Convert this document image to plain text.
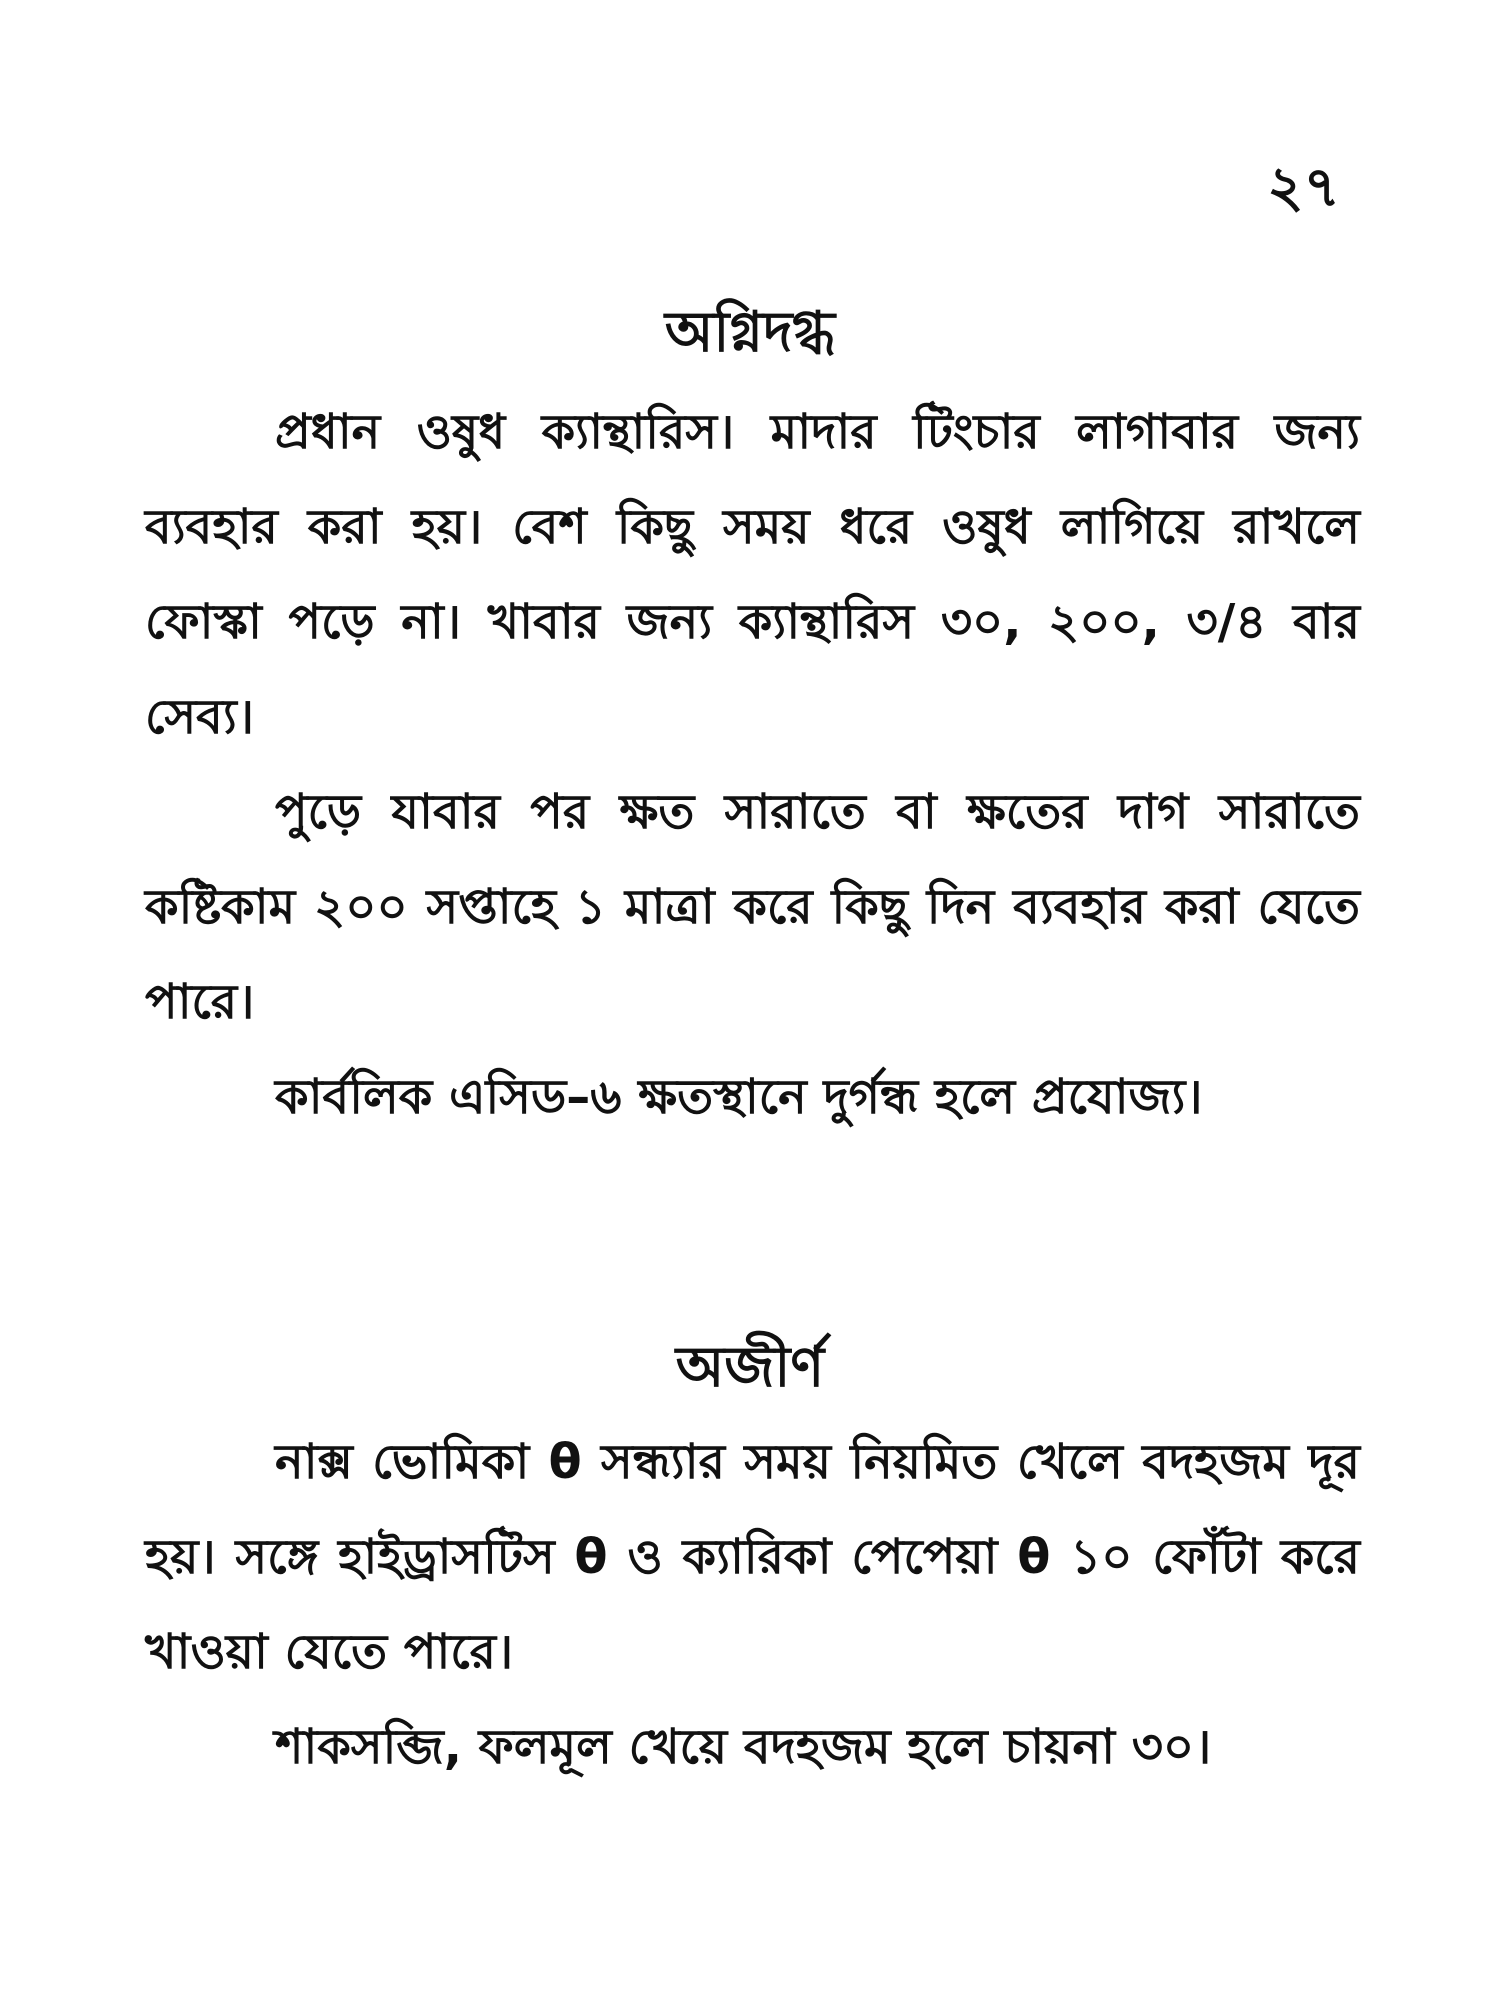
২৭
অগ্নিদগ্ধ

প্রধান ওষুধ ক্যান্থারিস। মাদার টিংচার লাগাবার জন্য ব্যবহার করা হয়। বেশ কিছু সময় ধরে ওষুধ লাগিয়ে রাখলে ফোস্কা পড়ে না। খাবার জন্য ক্যান্থারিস ৩০, ২০০, ৩/৪ বার সেব্য।

পুড়ে যাবার পর ক্ষত সারাতে বা ক্ষতের দাগ সারাতে কষ্টিকাম ২০০ সপ্তাহে ১ মাত্রা করে কিছু দিন ব্যবহার করা যেতে পারে।

কার্বলিক এসিড–৬ ক্ষতস্থানে দুর্গন্ধ হলে প্রযোজ্য।

অজীর্ণ

নাক্স ভোমিকা θ সন্ধ্যার সময় নিয়মিত খেলে বদহজম দূর হয়। সঙ্গে হাইড্রাসটিস θ ও ক্যারিকা পেপেয়া θ ১০ ফোঁটা করে খাওয়া যেতে পারে।

শাকসব্জি, ফলমূল খেয়ে বদহজম হলে চায়না ৩০।
